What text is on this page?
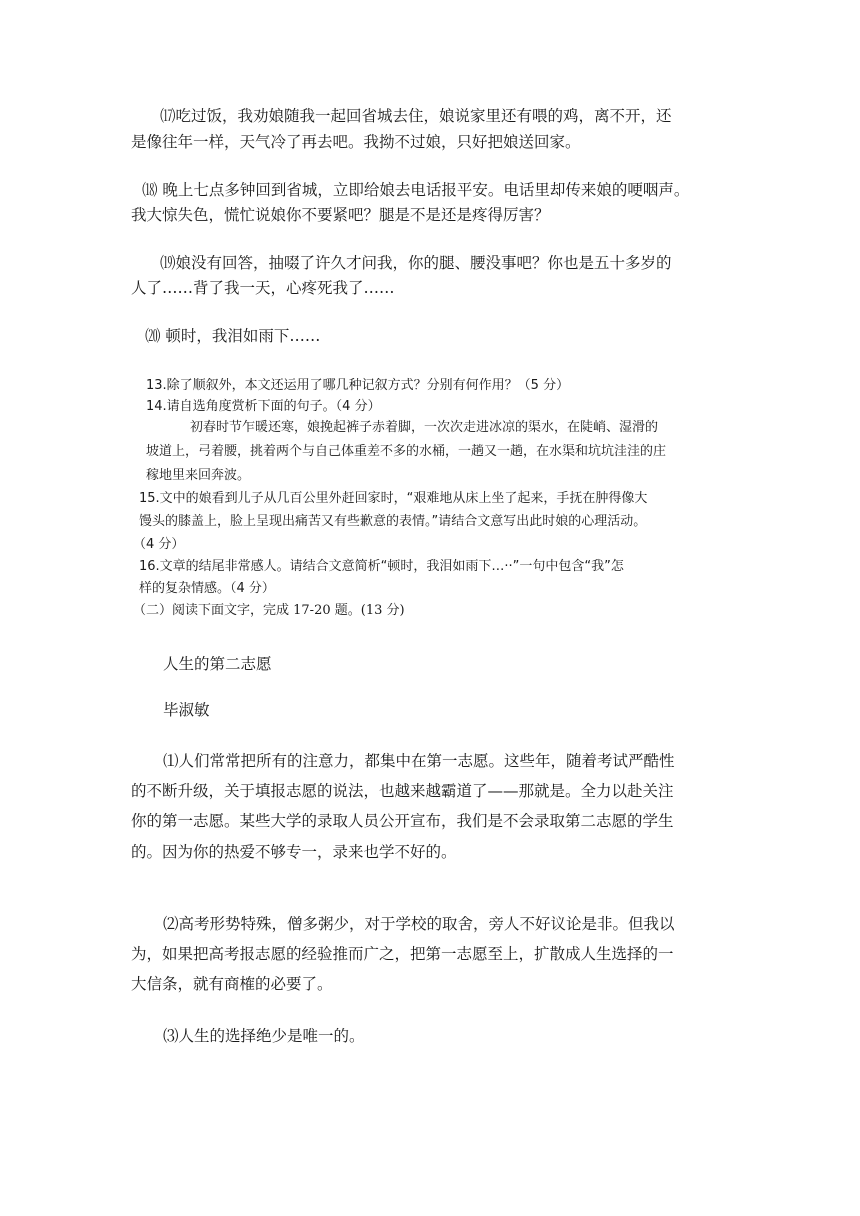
⒄吃过饭，我劝娘随我一起回省城去住，娘说家里还有喂的鸡，离不开，还

是像往年一样，天气冷了再去吧。我拗不过娘，只好把娘送回家。

⒅ 晚上七点多钟回到省城，立即给娘去电话报平安。电话里却传来娘的哽咽声。

我大惊失色，慌忙说娘你不要紧吧？腿是不是还是疼得厉害？

⒆娘没有回答，抽啜了许久才问我，你的腿、腰没事吧？你也是五十多岁的

人了……背了我一天，心疼死我了……

⒇ 顿时，我泪如雨下……

13.除了顺叙外，本文还运用了哪几种记叙方式？分别有何作用？（5 分）

14.请自选角度赏析下面的句子。（4 分）

初春时节乍暖还寒，娘挽起裤子赤着脚，一次次走进冰凉的渠水，在陡峭、湿滑的

坡道上，弓着腰，挑着两个与自己体重差不多的水桶，一趟又一趟，在水渠和坑坑洼洼的庄

稼地里来回奔波。

15.文中的娘看到儿子从几百公里外赶回家时，“艰难地从床上坐了起来，手抚在肿得像大

馒头的膝盖上，脸上呈现出痛苦又有些歉意的表情。”请结合文意写出此时娘的心理活动。

（4 分）

16.文章的结尾非常感人。请结合文意简析“顿时，我泪如雨下…··”一句中包含“我”怎

样的复杂情感。（4 分）

（二）阅读下面文字，完成 17-20 题。(13 分)

人生的第二志愿

毕淑敏

⑴人们常常把所有的注意力，都集中在第一志愿。这些年，随着考试严酷性

的不断升级，关于填报志愿的说法，也越来越霸道了——那就是。全力以赴关注

你的第一志愿。某些大学的录取人员公开宣布，我们是不会录取第二志愿的学生

的。因为你的热爱不够专一，录来也学不好的。

⑵高考形势特殊，僧多粥少，对于学校的取舍，旁人不好议论是非。但我以

为，如果把高考报志愿的经验推而广之，把第一志愿至上，扩散成人生选择的一

大信条，就有商榷的必要了。

⑶人生的选择绝少是唯一的。
